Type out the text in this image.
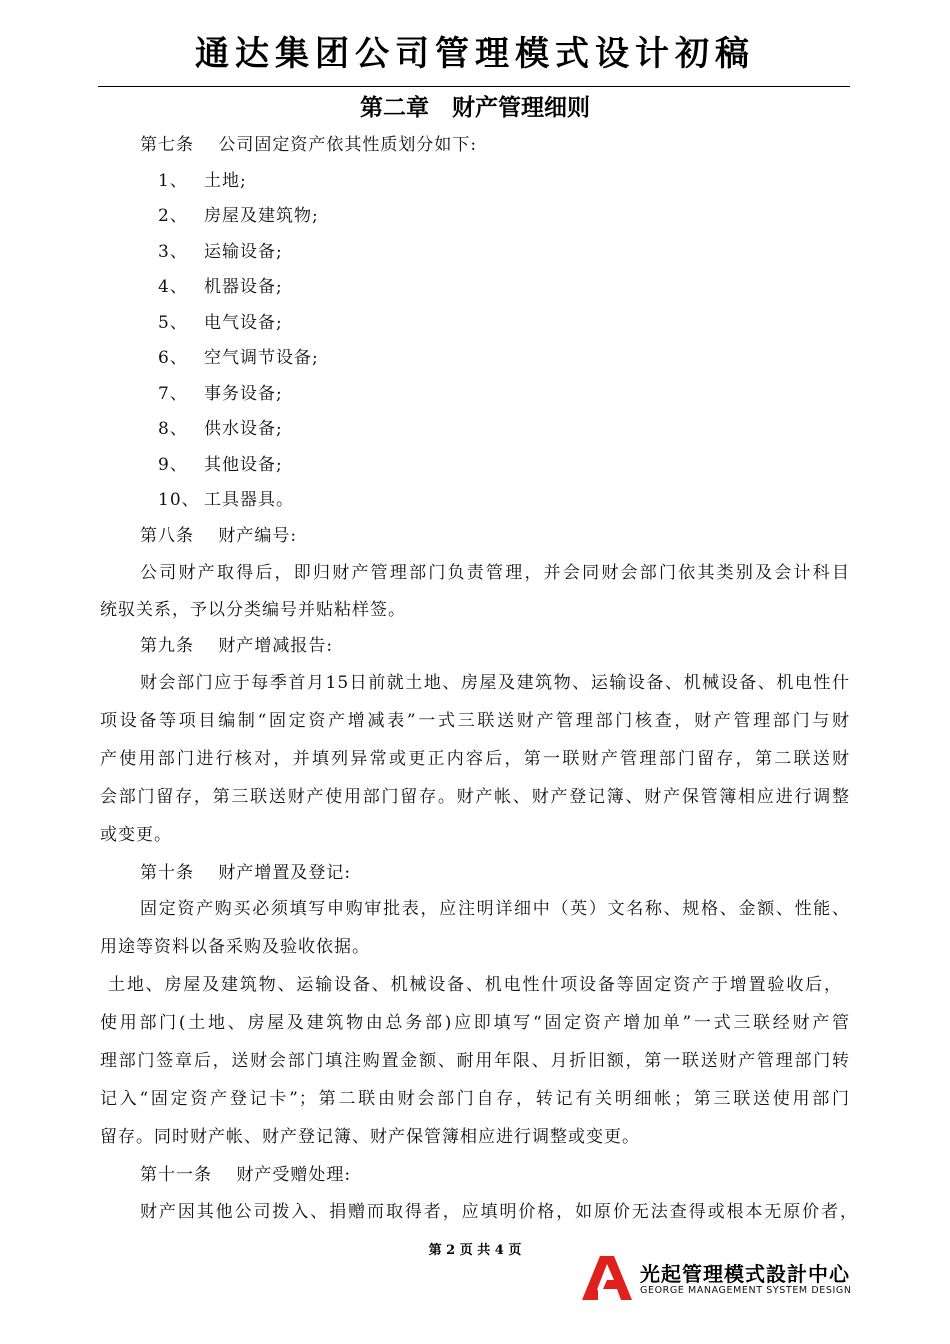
通达集团公司管理模式设计初稿
第二章　财产管理细则
第七条　 公司固定资产依其性质划分如下:
1、 土地;
2、 房屋及建筑物;
3、 运输设备;
4、 机器设备;
5、 电气设备;
6、 空气调节设备;
7、 事务设备;
8、 供水设备;
9、 其他设备;
10、 工具器具。
第八条　 财产编号:
公司财产取得后，即归财产管理部门负责管理，并会同财会部门依其类别及会计科目
统驭关系，予以分类编号并贴粘样签。
第九条　 财产增减报告:
财会部门应于每季首月15日前就土地、房屋及建筑物、运输设备、机械设备、机电性什
项设备等项目编制“固定资产增减表”一式三联送财产管理部门核查，财产管理部门与财
产使用部门进行核对，并填列异常或更正内容后，第一联财产管理部门留存，第二联送财
会部门留存，第三联送财产使用部门留存。财产帐、财产登记簿、财产保管簿相应进行调整
或变更。
第十条　 财产增置及登记:
固定资产购买必须填写申购审批表，应注明详细中（英）文名称、规格、金额、性能、
用途等资料以备采购及验收依据。
土地、房屋及建筑物、运输设备、机械设备、机电性什项设备等固定资产于增置验收后，
使用部门(土地、房屋及建筑物由总务部)应即填写“固定资产增加单”一式三联经财产管
理部门签章后，送财会部门填注购置金额、耐用年限、月折旧额，第一联送财产管理部门转
记入“固定资产登记卡”；第二联由财会部门自存，转记有关明细帐；第三联送使用部门
留存。同时财产帐、财产登记簿、财产保管簿相应进行调整或变更。
第十一条　 财产受赠处理:
财产因其他公司拨入、捐赠而取得者，应填明价格，如原价无法查得或根本无原价者，
第 2 页 共 4 页
光起管理模式設計中心
GEORGE MANAGEMENT SYSTEM DESIGN
